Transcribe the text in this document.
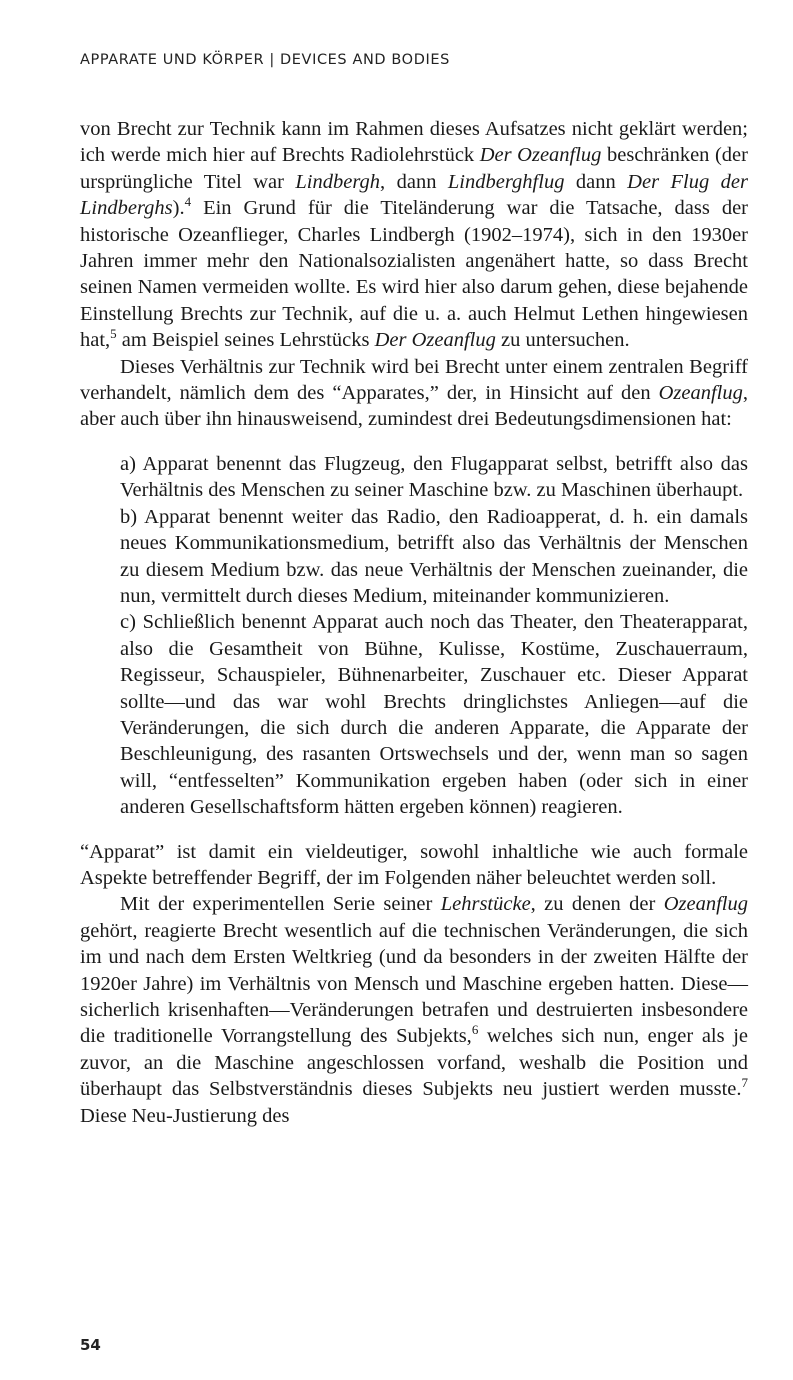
APPARATE UND KÖRPER | DEVICES AND BODIES

von Brecht zur Technik kann im Rahmen dieses Aufsatzes nicht geklärt werden; ich werde mich hier auf Brechts Radiolehrstück Der Ozeanflug beschränken (der ursprüngliche Titel war Lindbergh, dann Lindberghflug dann Der Flug der Lindberghs).$^4$ Ein Grund für die Titeländerung war die Tatsache, dass der historische Ozeanflieger, Charles Lindbergh (1902–1974), sich in den 1930er Jahren immer mehr den Nationalsozialisten angenähert hatte, so dass Brecht seinen Namen vermeiden wollte. Es wird hier also darum gehen, diese bejahende Einstellung Brechts zur Technik, auf die u. a. auch Helmut Lethen hingewiesen hat,$^5$ am Beispiel seines Lehrstücks Der Ozeanflug zu untersuchen.

Dieses Verhältnis zur Technik wird bei Brecht unter einem zentralen Begriff verhandelt, nämlich dem des “Apparates,” der, in Hinsicht auf den Ozeanflug, aber auch über ihn hinausweisend, zumindest drei Bedeutungsdimensionen hat:

a) Apparat benennt das Flugzeug, den Flugapparat selbst, betrifft also das Verhältnis des Menschen zu seiner Maschine bzw. zu Maschinen überhaupt.

b) Apparat benennt weiter das Radio, den Radioapperat, d. h. ein damals neues Kommunikationsmedium, betrifft also das Verhältnis der Menschen zu diesem Medium bzw. das neue Verhältnis der Menschen zueinander, die nun, vermittelt durch dieses Medium, miteinander kommunizieren.

c) Schließlich benennt Apparat auch noch das Theater, den Theaterapparat, also die Gesamtheit von Bühne, Kulisse, Kostüme, Zuschauerraum, Regisseur, Schauspieler, Bühnenarbeiter, Zuschauer etc. Dieser Apparat sollte—und das war wohl Brechts dringlichstes Anliegen—auf die Veränderungen, die sich durch die anderen Apparate, die Apparate der Beschleunigung, des rasanten Ortswechsels und der, wenn man so sagen will, “entfesselten” Kommunikation ergeben haben (oder sich in einer anderen Gesellschaftsform hätten ergeben können) reagieren.

“Apparat” ist damit ein vieldeutiger, sowohl inhaltliche wie auch formale Aspekte betreffender Begriff, der im Folgenden näher beleuchtet werden soll.

Mit der experimentellen Serie seiner Lehrstücke, zu denen der Ozeanflug gehört, reagierte Brecht wesentlich auf die technischen Veränderungen, die sich im und nach dem Ersten Weltkrieg (und da besonders in der zweiten Hälfte der 1920er Jahre) im Verhältnis von Mensch und Maschine ergeben hatten. Diese—sicherlich krisenhaften—Veränderungen betrafen und destruierten insbesondere die traditionelle Vorrangstellung des Subjekts,$^6$ welches sich nun, enger als je zuvor, an die Maschine angeschlossen vorfand, weshalb die Position und überhaupt das Selbstverständnis dieses Subjekts neu justiert werden musste.$^7$ Diese Neu-Justierung des

54
